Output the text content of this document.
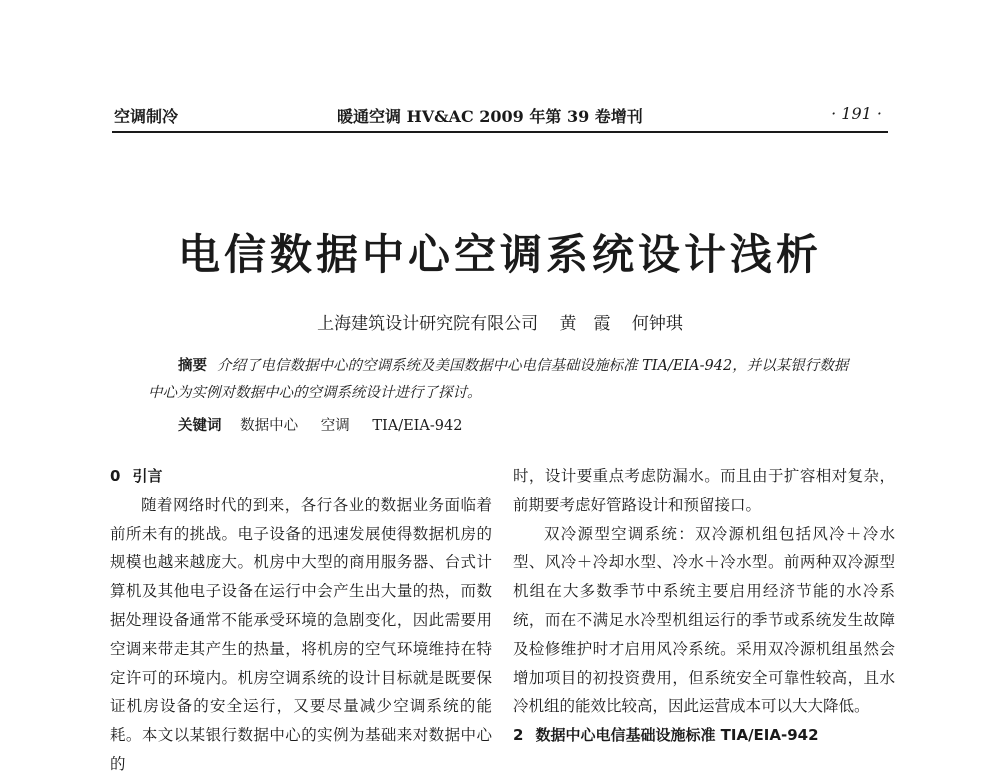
空调制冷	暖通空调 HV&AC 2009 年第 39 卷增刊	· 191 ·
电信数据中心空调系统设计浅析
上海建筑设计研究院有限公司 黄　霞 何钟琪

摘要 介绍了电信数据中心的空调系统及美国数据中心电信基础设施标准 TIA/EIA-942，并以某银行数据中心为实例对数据中心的空调系统设计进行了探讨。

关键词 数据中心 空调 TIA/EIA-942

0 引言

随着网络时代的到来，各行各业的数据业务面临着前所未有的挑战。电子设备的迅速发展使得数据机房的规模也越来越庞大。机房中大型的商用服务器、台式计算机及其他电子设备在运行中会产生出大量的热，而数据处理设备通常不能承受环境的急剧变化，因此需要用空调来带走其产生的热量，将机房的空气环境维持在特定许可的环境内。机房空调系统的设计目标就是既要保证机房设备的安全运行，又要尽量减少空调系统的能耗。本文以某银行数据中心的实例为基础来对数据中心的

时，设计要重点考虑防漏水。而且由于扩容相对复杂，前期要考虑好管路设计和预留接口。

双冷源型空调系统：双冷源机组包括风冷＋冷水型、风冷＋冷却水型、冷水＋冷水型。前两种双冷源型机组在大多数季节中系统主要启用经济节能的水冷系统，而在不满足水冷型机组运行的季节或系统发生故障及检修维护时才启用风冷系统。采用双冷源机组虽然会增加项目的初投资费用，但系统安全可靠性较高，且水冷机组的能效比较高，因此运营成本可以大大降低。

2 数据中心电信基础设施标准 TIA/EIA-942
